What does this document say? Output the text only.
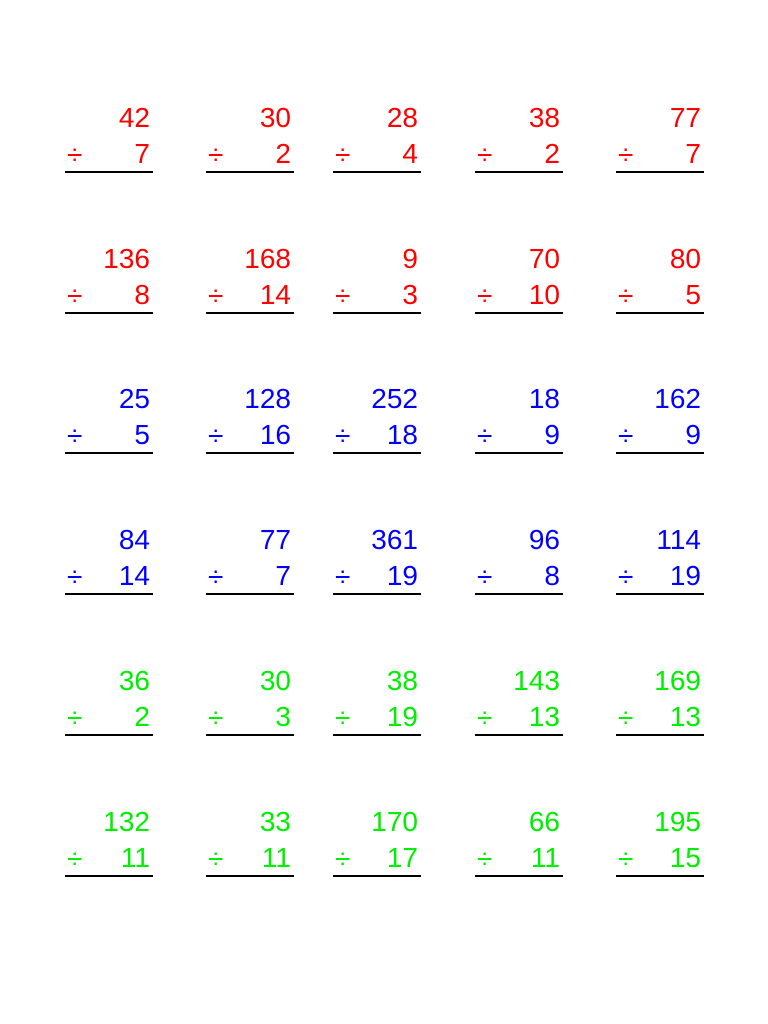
42
÷ 7
30
÷ 2
28
÷ 4
38
÷ 2
77
÷ 7
136
÷ 8
168
÷ 14
9
÷ 3
70
÷ 10
80
÷ 5
25
÷ 5
128
÷ 16
252
÷ 18
18
÷ 9
162
÷ 9
84
÷ 14
77
÷ 7
361
÷ 19
96
÷ 8
114
÷ 19
36
÷ 2
30
÷ 3
38
÷ 19
143
÷ 13
169
÷ 13
132
÷ 11
33
÷ 11
170
÷ 17
66
÷ 11
195
÷ 15
